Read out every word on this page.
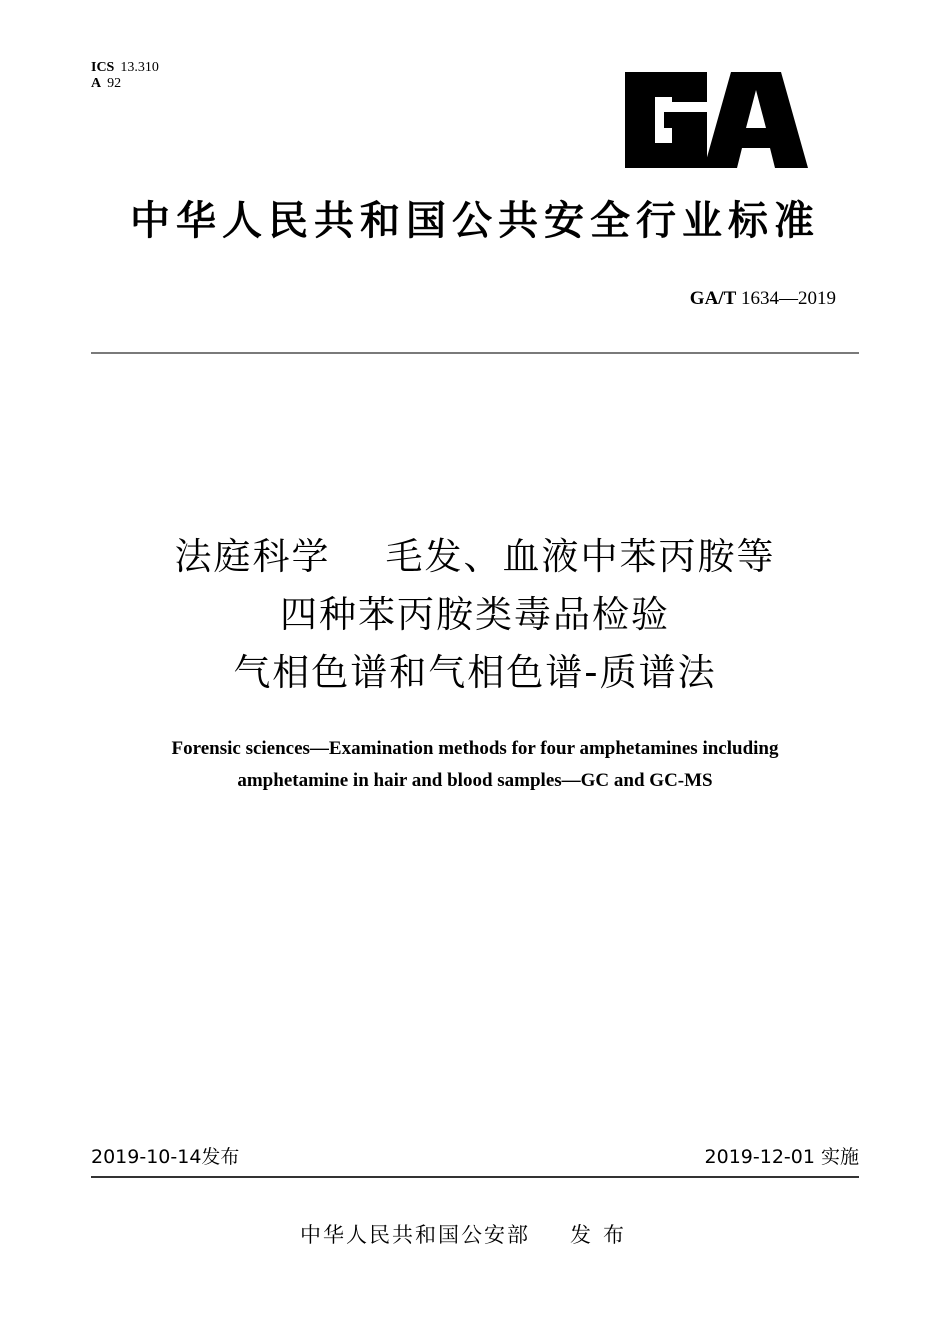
ICS 13.310
A 92
中华人民共和国公共安全行业标准
GA/T 1634—2019
法庭科学    毛发、血液中苯丙胺等
四种苯丙胺类毒品检验
气相色谱和气相色谱-质谱法
Forensic sciences—Examination methods for four amphetamines including
amphetamine in hair and blood samples—GC and GC-MS
2019-10-14发布	2019-12-01 实施
中华人民共和国公安部 发布
